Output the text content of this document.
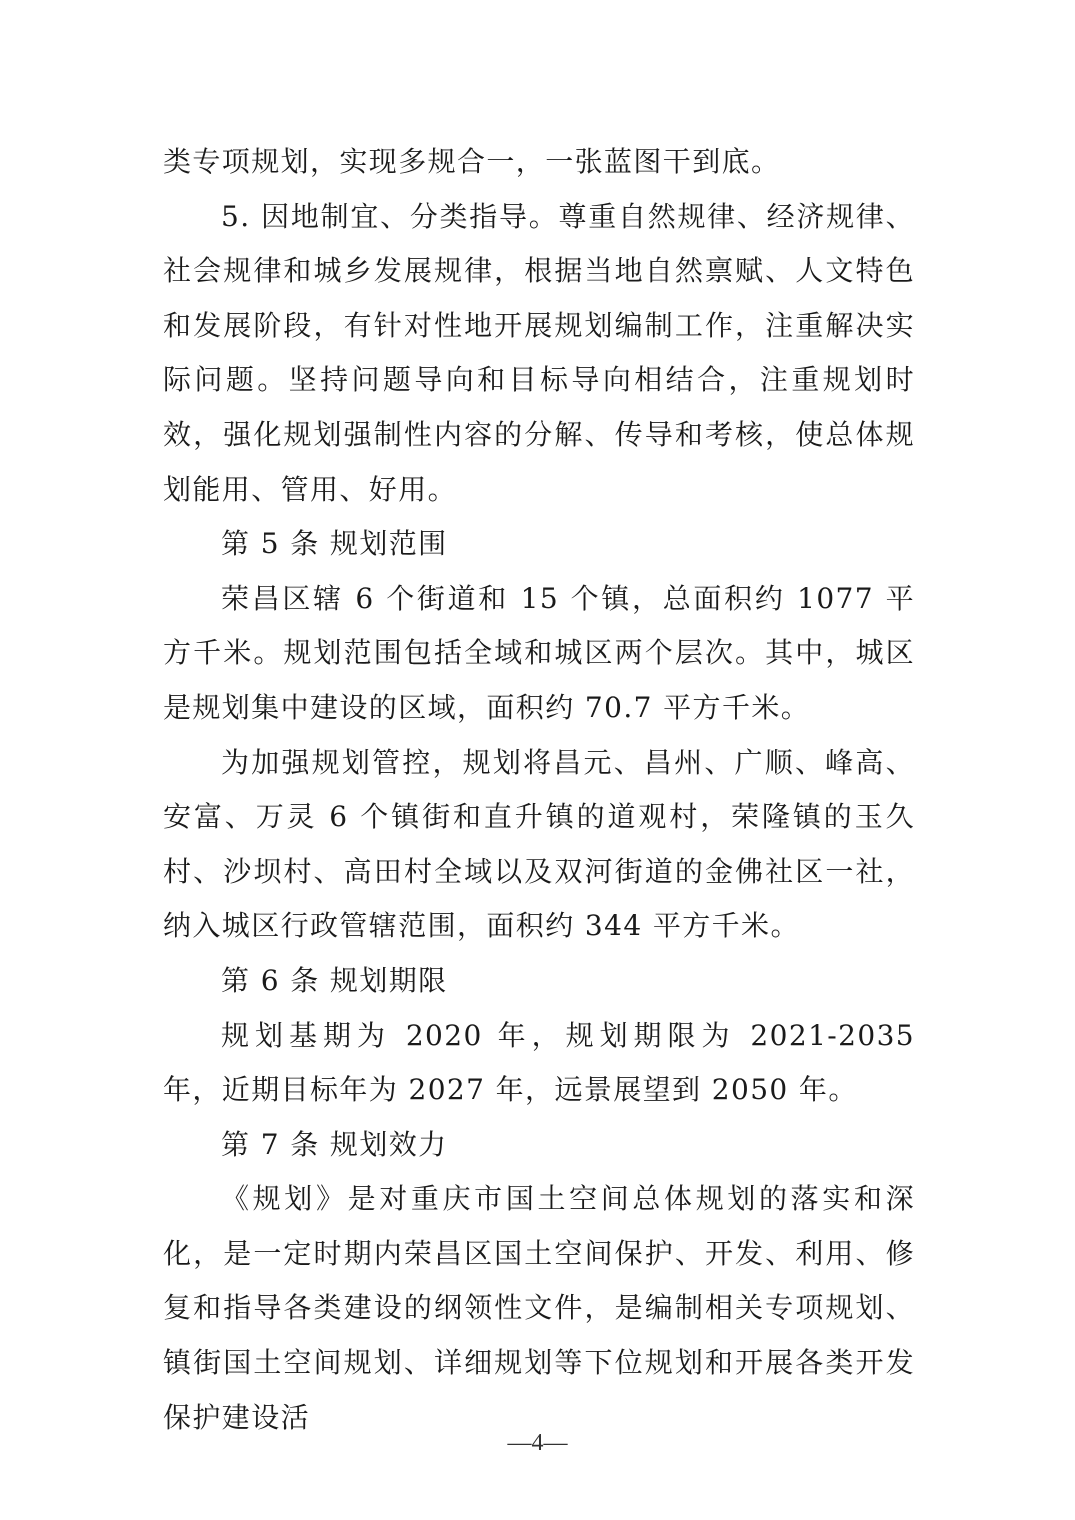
类专项规划，实现多规合一，一张蓝图干到底。

5. 因地制宜、分类指导。尊重自然规律、经济规律、社会规律和城乡发展规律，根据当地自然禀赋、人文特色和发展阶段，有针对性地开展规划编制工作，注重解决实际问题。坚持问题导向和目标导向相结合，注重规划时效，强化规划强制性内容的分解、传导和考核，使总体规划能用、管用、好用。

第 5 条 规划范围

荣昌区辖 6 个街道和 15 个镇，总面积约 1077 平方千米。规划范围包括全域和城区两个层次。其中，城区是规划集中建设的区域，面积约 70.7 平方千米。

为加强规划管控，规划将昌元、昌州、广顺、峰高、安富、万灵 6 个镇街和直升镇的道观村，荣隆镇的玉久村、沙坝村、高田村全域以及双河街道的金佛社区一社，纳入城区行政管辖范围，面积约 344 平方千米。

第 6 条 规划期限

规划基期为 2020 年，规划期限为 2021-2035 年，近期目标年为 2027 年，远景展望到 2050 年。

第 7 条 规划效力

《规划》是对重庆市国土空间总体规划的落实和深化，是一定时期内荣昌区国土空间保护、开发、利用、修复和指导各类建设的纲领性文件，是编制相关专项规划、镇街国土空间规划、详细规划等下位规划和开展各类开发保护建设活

—4—
